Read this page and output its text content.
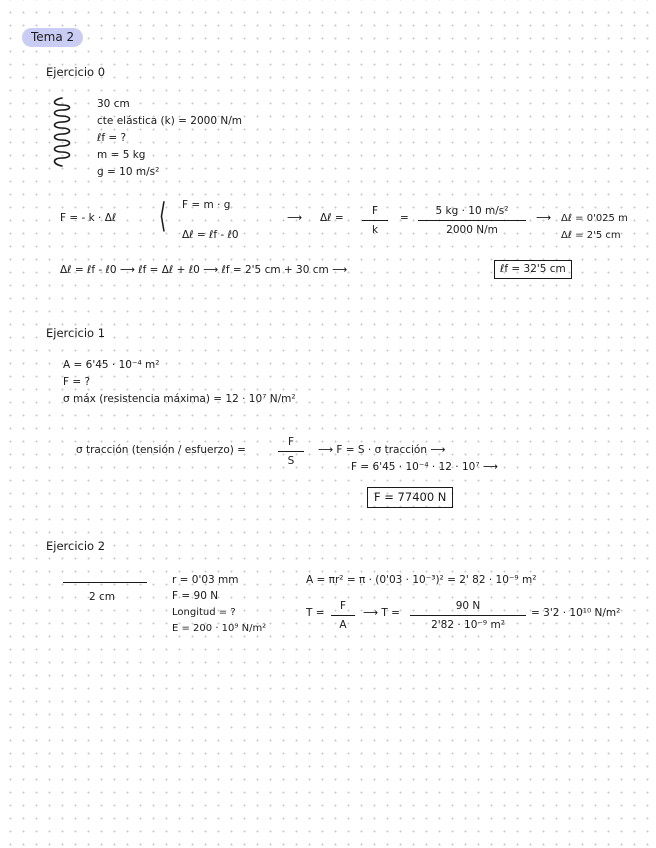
Tema 2
Ejercicio 0
30 cm
cte elástica (k) = 2000 N/m
ℓf = ?
m = 5 kg
g = 10 m/s²
F = - k · Δℓ ⟨ F = m · g
Δℓ = ℓf - ℓ0
⟶ Δℓ = $\frac{F}{k} = \frac{\text{5 kg · 10 m/s²}}{2000 N/m}$ ⟶ Δℓ = 0'025 m
Δℓ = 2'5 cm
Δℓ = ℓf - ℓ0 ⟶ ℓf = Δℓ + ℓ0 ⟶ ℓf = 2'5 cm + 30 cm ⟶	ℓf = 32'5 cm
Ejercicio 1
A = 6'45 · 10⁻⁴ m²
F = ?
σ máx (resistencia máxima) = 12 · 10⁷ N/m²
σ tracción (tensión / esfuerzo) =	$\frac{F}{S}$ ⟶ F = S · σ tracción ⟶
F = 6'45 · 10⁻⁴ · 12 · 10⁷ ⟶
F = 77400 N
Ejercicio 2
2 cm
r = 0'03 mm
F = 90 N
Longitud = ?
E = 200 · 10⁹ N/m²
A = πr² = π · (0'03 · 10⁻³)² = 2' 82 · 10⁻⁹ m²
$T = \frac{F}{A}$ ⟶ $T = \frac{90 N}{\text{2'82 · 10⁻⁹ m²}} = 3'2 \cdot 10^{10}$ N/m²
